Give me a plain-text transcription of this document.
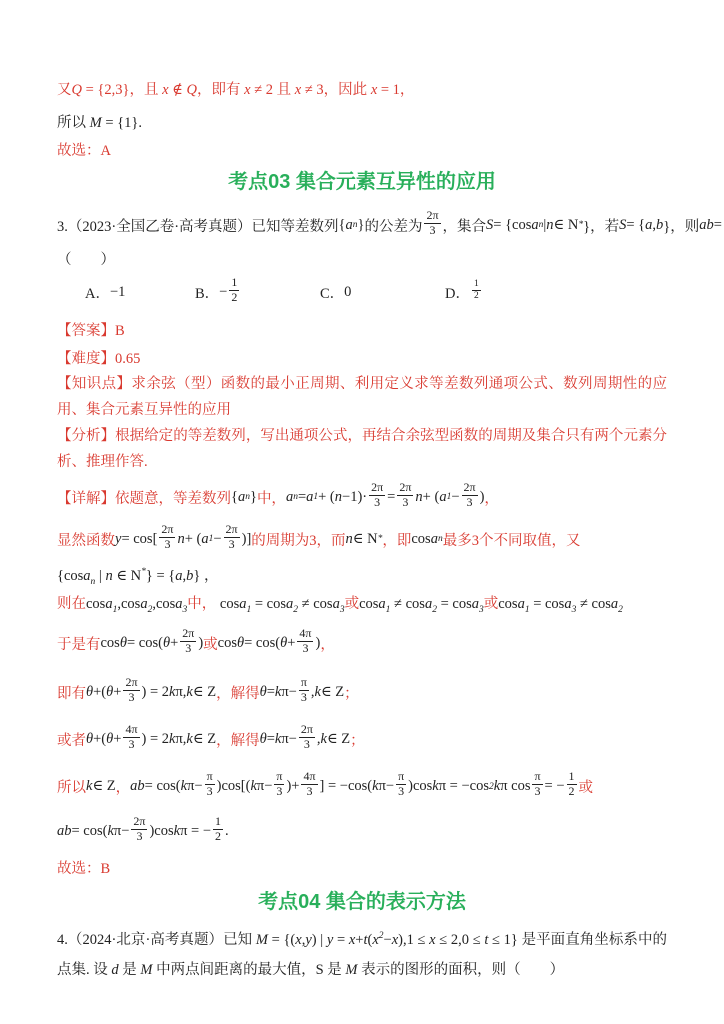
又Q = {2,3}，且 x ∉ Q，即有 x ≠ 2 且 x ≠ 3，因此 x = 1，
所以 M = {1}.
故选：A
考点03 集合元素互异性的应用
3.（2023·全国乙卷·高考真题）已知等差数列 { a n } 的公差为 $\frac{2\pi}{3}$ ，集合 S = {cos a n | n ∈ N * }，若 S = { a , b }，则 ab =
（　　）
A． −1	B． − $\frac{1}{2}$	C． 0	D． $\frac{1}{2}$
【答案】B
【难度】0.65
【知识点】求余弦（型）函数的最小正周期、利用定义求等差数列通项公式、数列周期性的应用、集合元素互异性的应用
【分析】根据给定的等差数列，写出通项公式，再结合余弦型函数的周期及集合只有两个元素分析、推理作答.
【详解】依题意，等差数列 { a n } 中， a n = a 1 + ( $n -1)\cdot \frac{2\pi}{3} = \frac{2\pi}{3}$ n + ( a $1 - \frac{2\pi}{3}$ ) ，
显然函数 $y = \cos[ \frac{2\pi}{3}$ n + ( a $1 - \frac{2\pi}{3}$ )] 的周期为3，而 n ∈ N * ，即 cos a n 最多3个不同取值，又
{cosa$_n$ | n ∈ N*} = {a,b} ，
则在cosa$_1$,cosa$_2$,cosa$_3$中， cosa$_1$ = cosa$_2$ ≠ cosa$_3$或cosa$_1$ ≠ cosa$_2$ = cosa$_3$或cosa$_1$ = cosa$_3$ ≠ cosa$_2$
于是有 cos θ = cos( $\theta + \frac{2\pi}{3}$ ) 或 cos θ = cos( $\theta + \frac{4\pi}{3}$ ) ，
即有 θ +( $\theta + \frac{2\pi}{3}$ ) = 2 k π, k ∈ Z ，解得 θ = k $\pi- \frac{\pi}{3}$ , k ∈ Z ；
或者 θ +( $\theta + \frac{4\pi}{3}$ ) = 2 k π, k ∈ Z ，解得 θ = k $\pi- \frac{2\pi}{3}$ , k ∈ Z ；
所以 k ∈ Z ， ab = cos( k $\pi- \frac{\pi}{3} )\cos$[( k $\pi- \frac{\pi}{3}$ )+ $\frac{4\pi}{3}$ ] = −cos( k $\pi- \frac{\pi}{3} )\cos$ k π = −cos 2 k π $\cos \frac{\pi}{3}$ = − $\frac{1}{2}$ 或
ab = cos( k $\pi- \frac{2\pi}{3} )\cos$ k π = − $\frac{1}{2}$ .
故选：B
考点04 集合的表示方法
4.（2024·北京·高考真题）已知 M = {(x,y) | $y = x+t(x^2-x),1 \le x \le 2,0 \le t \le 1$} 是平面直角坐标系中的点集. 设 d 是 M 中两点间距离的最大值，S 是 M 表示的图形的面积，则（　　）
